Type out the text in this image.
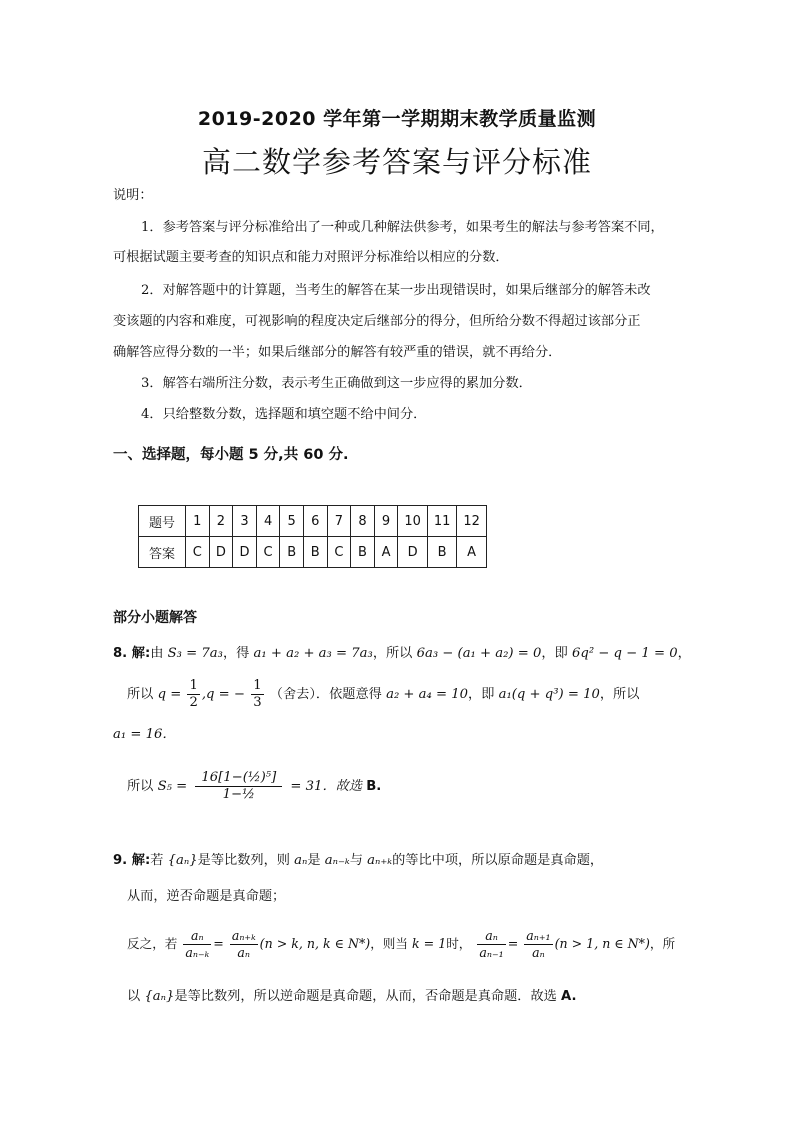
2019-2020 学年第一学期期末教学质量监测
高二数学参考答案与评分标准
说明：
1．参考答案与评分标准给出了一种或几种解法供参考，如果考生的解法与参考答案不同，
可根据试题主要考查的知识点和能力对照评分标准给以相应的分数．
2．对解答题中的计算题，当考生的解答在某一步出现错误时，如果后继部分的解答未改
变该题的内容和难度，可视影响的程度决定后继部分的得分，但所给分数不得超过该部分正
确解答应得分数的一半；如果后继部分的解答有较严重的错误，就不再给分．
3．解答右端所注分数，表示考生正确做到这一步应得的累加分数．
4．只给整数分数，选择题和填空题不给中间分．
一、选择题，每小题 5 分,共 60 分.
题号	1	2	3	4	5	6	7	8	9	10	11	12
答案	C	D	D	C	B	B	C	B	A	D	B	A
部分小题解答
8. 解:由 S₃ = 7a₃，得 a₁ + a₂ + a₃ = 7a₃，所以 6a₃ − (a₁ + a₂) = 0，即 6q² − q − 1 = 0，
所以 $q = \frac{1}{2} ,q$ = − $\frac{1}{3}$ （舍去）．依题意得 a₂ + a₄ = 10，即 a₁(q + q³) = 10，所以
a₁ = 16．
所以 $S_5 = \frac{\text{16[1−(½)⁵]}}{\text{1−½}} = 31$．故选 B.
9. 解:若 {aₙ}是等比数列，则 aₙ是 aₙ₋ₖ与 aₙ₊ₖ的等比中项，所以原命题是真命题，
从而，逆否命题是真命题；
反之，若 $\frac{\text{aₙ}}{\text{aₙ₋ₖ}} = \frac{\text{aₙ₊ₖ}}{\text{aₙ}} (n > k$, n, k ∈ N*)，则当 k = 1时， $\frac{\text{aₙ}}{\text{aₙ₋₁}} = \frac{\text{aₙ₊₁}}{\text{aₙ}} (n > 1$, n ∈ N*)，所
以 {aₙ}是等比数列，所以逆命题是真命题，从而，否命题是真命题．故选 A.
